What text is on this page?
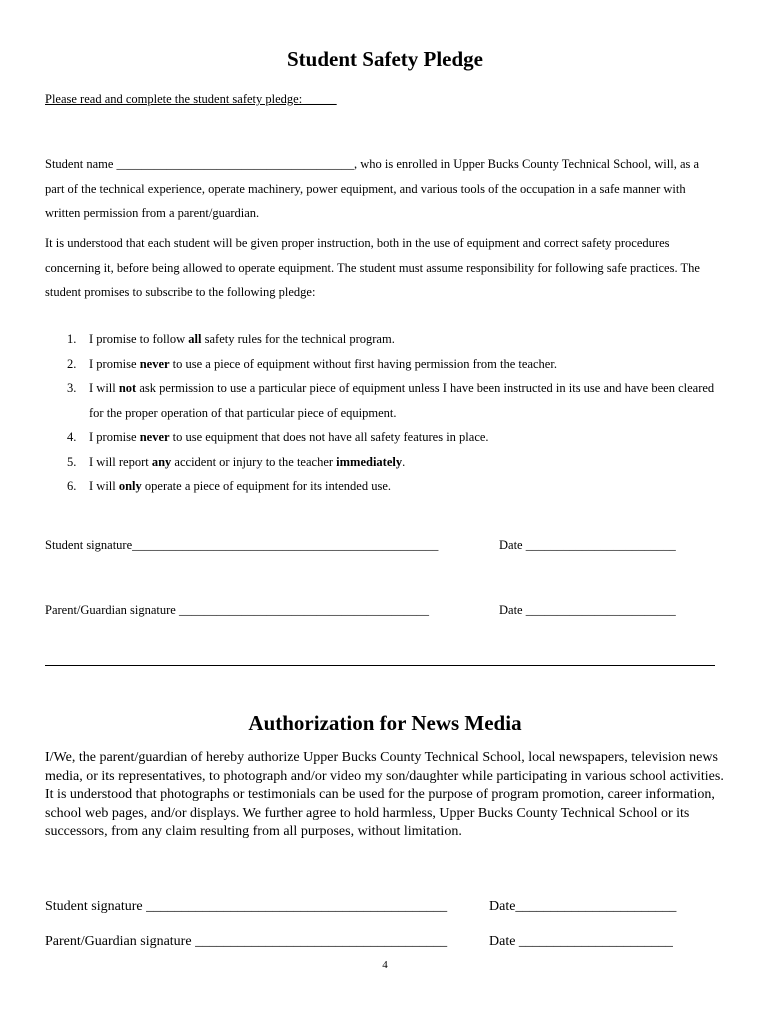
Student Safety Pledge
Please read and complete the student safety pledge: _____
Student name ______________________________________, who is enrolled in Upper Bucks County Technical School, will, as a part of the technical experience, operate machinery, power equipment, and various tools of the occupation in a safe manner with written permission from a parent/guardian.
It is understood that each student will be given proper instruction, both in the use of equipment and correct safety procedures concerning it, before being allowed to operate equipment. The student must assume responsibility for following safe practices. The student promises to subscribe to the following pledge:
1. I promise to follow all safety rules for the technical program.
2. I promise never to use a piece of equipment without first having permission from the teacher.
3. I will not ask permission to use a particular piece of equipment unless I have been instructed in its use and have been cleared for the proper operation of that particular piece of equipment.
4. I promise never to use equipment that does not have all safety features in place.
5. I will report any accident or injury to the teacher immediately.
6. I will only operate a piece of equipment for its intended use.
Student signature_________________________________________________	Date ________________________
Parent/Guardian signature ________________________________________	Date ________________________
Authorization for News Media
I/We, the parent/guardian of hereby authorize Upper Bucks County Technical School, local newspapers, television news media, or its representatives, to photograph and/or video my son/daughter while participating in various school activities. It is understood that photographs or testimonials can be used for the purpose of program promotion, career information, school web pages, and/or displays. We further agree to hold harmless, Upper Bucks County Technical School or its successors, from any claim resulting from all purposes, without limitation.
Student signature ___________________________________________	Date_______________________
Parent/Guardian signature ____________________________________	Date ______________________
4
